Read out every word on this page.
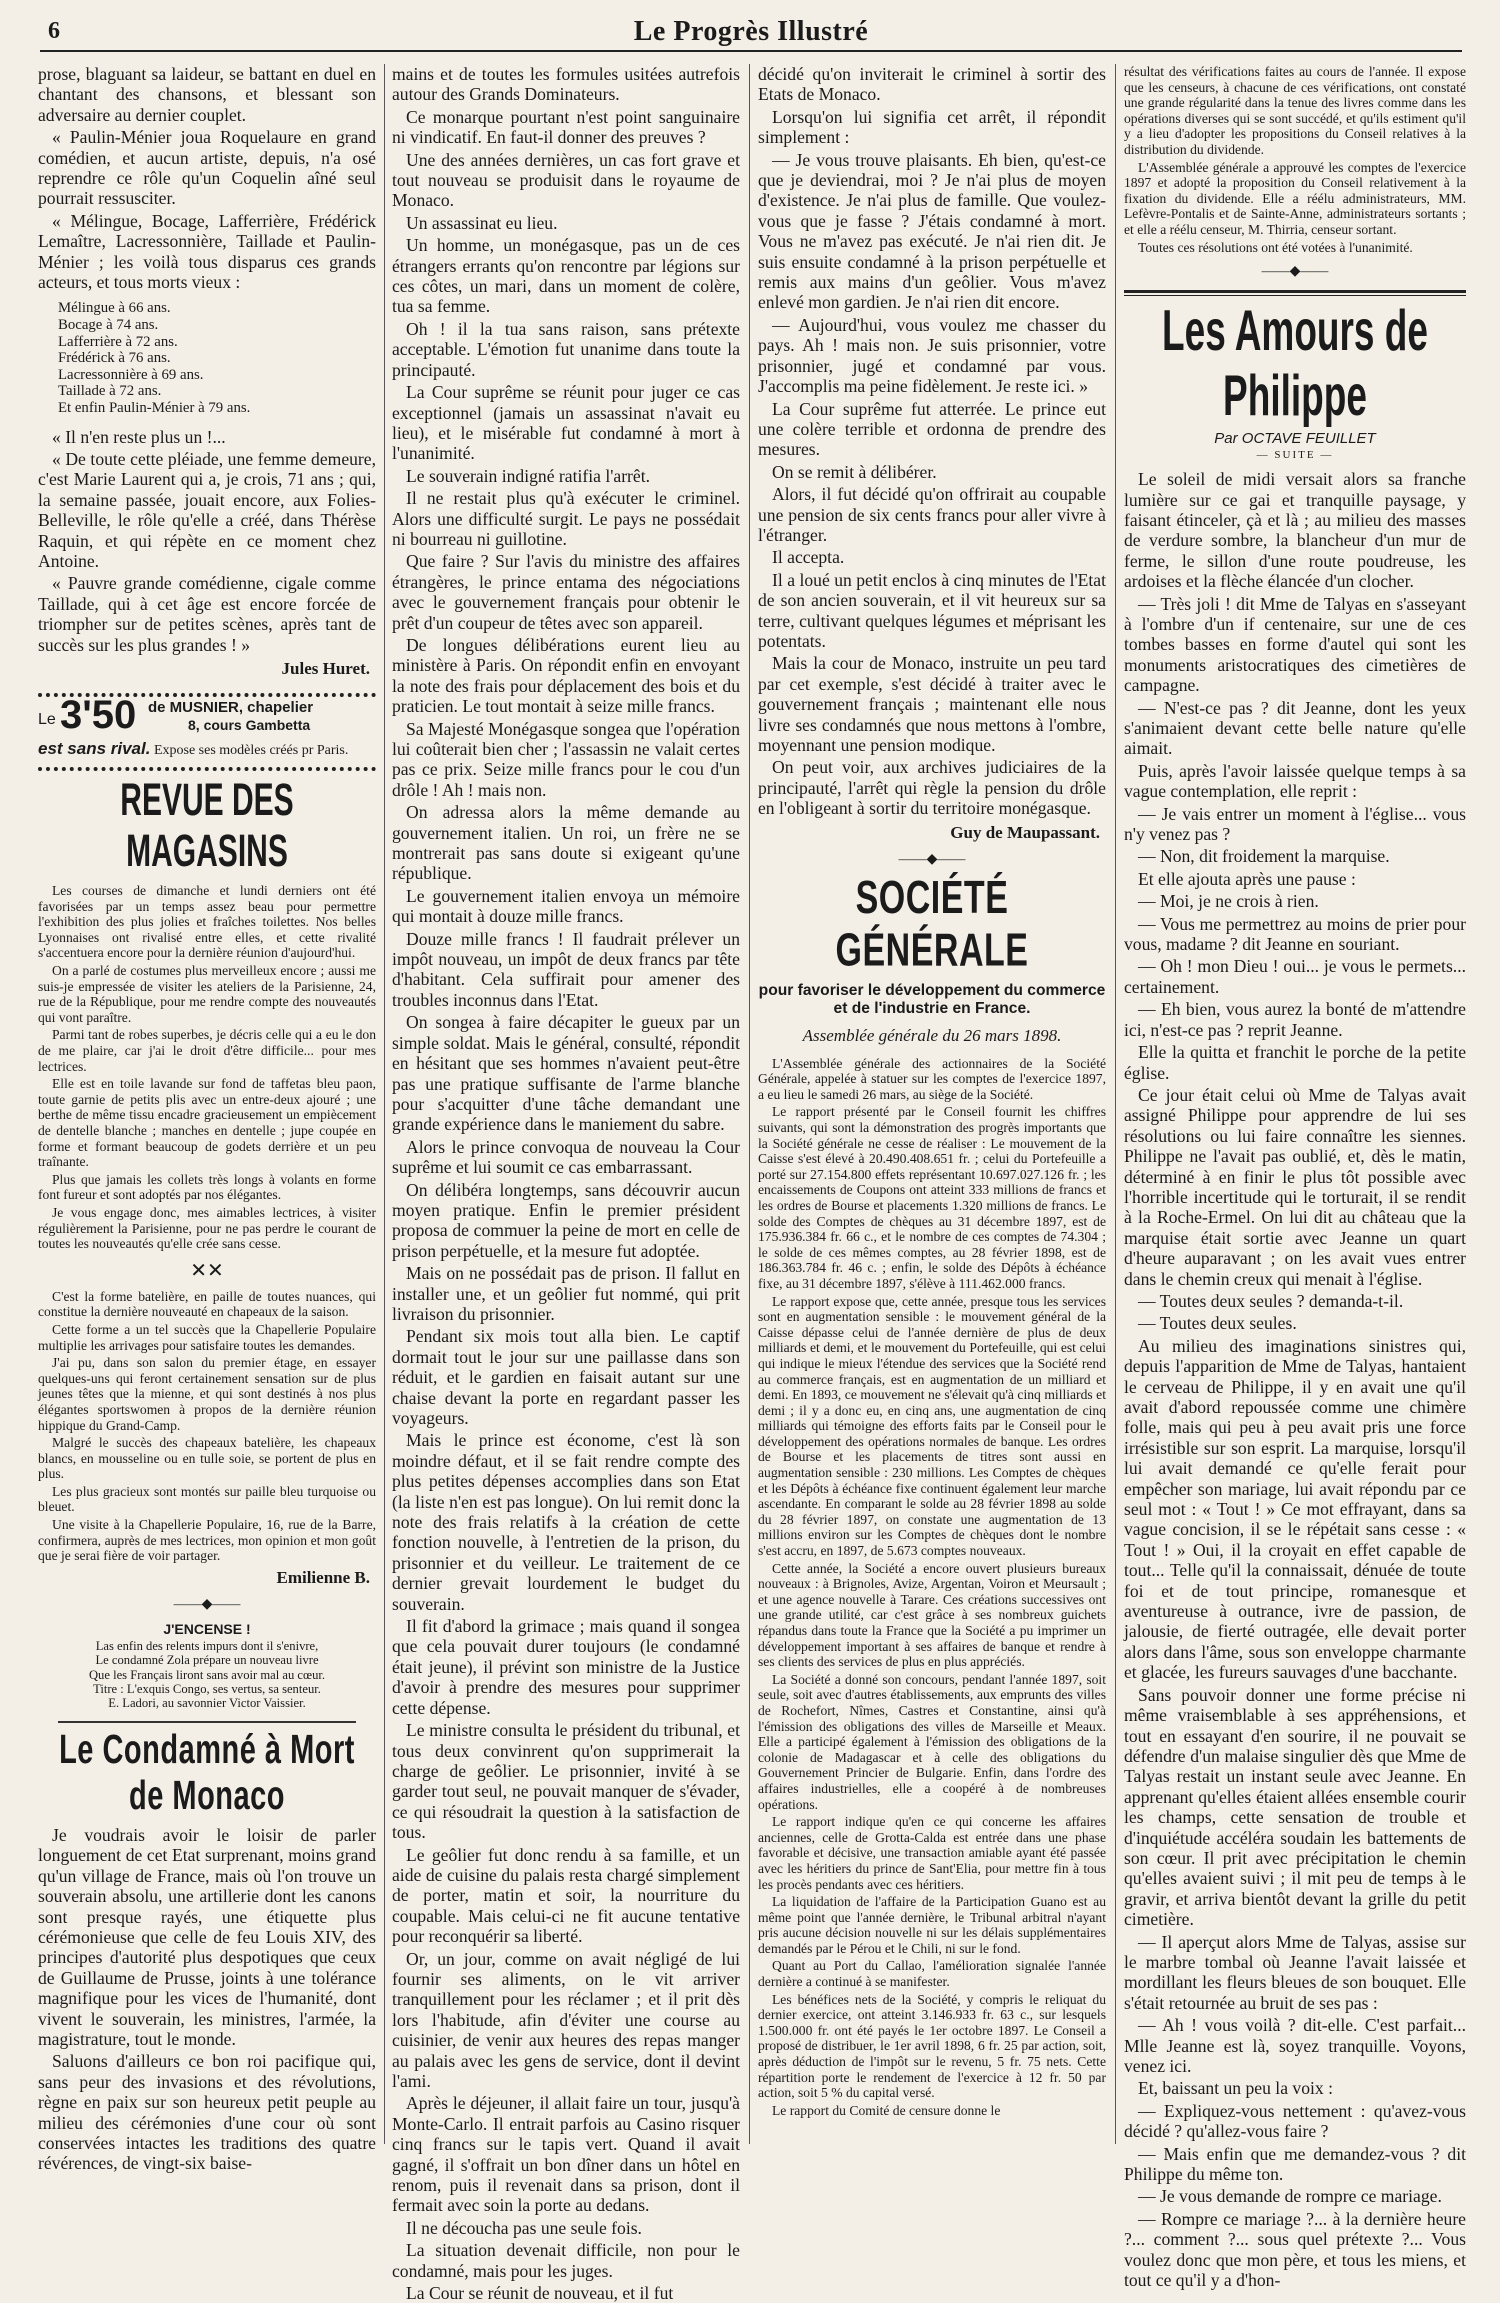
6	Le Progrès Illustré

prose, blaguant sa laideur, se battant en duel en chantant des chansons, et blessant son adversaire au dernier couplet.

« Paulin-Ménier joua Roquelaure en grand comédien, et aucun artiste, depuis, n'a osé reprendre ce rôle qu'un Coquelin aîné seul pourrait ressusciter.

« Mélingue, Bocage, Lafferrière, Frédérick Lemaître, Lacressonnière, Taillade et Paulin-Ménier ; les voilà tous disparus ces grands acteurs, et tous morts vieux :

Mélingue à 66 ans.
Bocage à 74 ans.
Lafferrière à 72 ans.
Frédérick à 76 ans.
Lacressonnière à 69 ans.
Taillade à 72 ans.
Et enfin Paulin-Ménier à 79 ans.

« Il n'en reste plus un !...

« De toute cette pléiade, une femme demeure, c'est Marie Laurent qui a, je crois, 71 ans ; qui, la semaine passée, jouait encore, aux Folies-Belleville, le rôle qu'elle a créé, dans Thérèse Raquin, et qui répète en ce moment chez Antoine.

« Pauvre grande comédienne, cigale comme Taillade, qui à cet âge est encore forcée de triompher sur de petites scènes, après tant de succès sur les plus grandes ! »

Jules Huret.
Le 3'50 de MUSNIER, chapelier
8, cours Gambetta
est sans rival. Expose ses modèles créés pr Paris.
REVUE DES MAGASINS

Les courses de dimanche et lundi derniers ont été favorisées par un temps assez beau pour permettre l'exhibition des plus jolies et fraîches toilettes. Nos belles Lyonnaises ont rivalisé entre elles, et cette rivalité s'accentuera encore pour la dernière réunion d'aujourd'hui.

On a parlé de costumes plus merveilleux encore ; aussi me suis-je empressée de visiter les ateliers de la Parisienne, 24, rue de la République, pour me rendre compte des nouveautés qui vont paraître.

Parmi tant de robes superbes, je décris celle qui a eu le don de me plaire, car j'ai le droit d'être difficile... pour mes lectrices.

Elle est en toile lavande sur fond de taffetas bleu paon, toute garnie de petits plis avec un entre-deux ajouré ; une berthe de même tissu encadre gracieusement un empiècement de dentelle blanche ; manches en dentelle ; jupe coupée en forme et formant beaucoup de godets derrière et un peu traînante.

Plus que jamais les collets très longs à volants en forme font fureur et sont adoptés par nos élégantes.

Je vous engage donc, mes aimables lectrices, à visiter régulièrement la Parisienne, pour ne pas perdre le courant de toutes les nouveautés qu'elle crée sans cesse.

✕✕

C'est la forme batelière, en paille de toutes nuances, qui constitue la dernière nouveauté en chapeaux de la saison.

Cette forme a un tel succès que la Chapellerie Populaire multiplie les arrivages pour satisfaire toutes les demandes.

J'ai pu, dans son salon du premier étage, en essayer quelques-uns qui feront certainement sensation sur de plus jeunes têtes que la mienne, et qui sont destinés à nos plus élégantes sportswomen à propos de la dernière réunion hippique du Grand-Camp.

Malgré le succès des chapeaux batelière, les chapeaux blancs, en mousseline ou en tulle soie, se portent de plus en plus.

Les plus gracieux sont montés sur paille bleu turquoise ou bleuet.

Une visite à la Chapellerie Populaire, 16, rue de la Barre, confirmera, auprès de mes lectrices, mon opinion et mon goût que je serai fière de voir partager.

Emilienne B.
——◆——
J'ENCENSE !
Las enfin des relents impurs dont il s'enivre,
Le condamné Zola prépare un nouveau livre
Que les Français liront sans avoir mal au cœur.
Titre : L'exquis Congo, ses vertus, sa senteur.
E. Ladori, au savonnier Victor Vaissier.
Le Condamné à Mort de Monaco

Je voudrais avoir le loisir de parler longuement de cet Etat surprenant, moins grand qu'un village de France, mais où l'on trouve un souverain absolu, une artillerie dont les canons sont presque rayés, une étiquette plus cérémonieuse que celle de feu Louis XIV, des principes d'autorité plus despotiques que ceux de Guillaume de Prusse, joints à une tolérance magnifique pour les vices de l'humanité, dont vivent le souverain, les ministres, l'armée, la magistrature, tout le monde.

Saluons d'ailleurs ce bon roi pacifique qui, sans peur des invasions et des révolutions, règne en paix sur son heureux petit peuple au milieu des cérémonies d'une cour où sont conservées intactes les traditions des quatre révérences, de vingt-six baise-

mains et de toutes les formules usitées autrefois autour des Grands Dominateurs.

Ce monarque pourtant n'est point sanguinaire ni vindicatif. En faut-il donner des preuves ?

Une des années dernières, un cas fort grave et tout nouveau se produisit dans le royaume de Monaco.

Un assassinat eu lieu.

Un homme, un monégasque, pas un de ces étrangers errants qu'on rencontre par légions sur ces côtes, un mari, dans un moment de colère, tua sa femme.

Oh ! il la tua sans raison, sans prétexte acceptable. L'émotion fut unanime dans toute la principauté.

La Cour suprême se réunit pour juger ce cas exceptionnel (jamais un assassinat n'avait eu lieu), et le misérable fut condamné à mort à l'unanimité.

Le souverain indigné ratifia l'arrêt.

Il ne restait plus qu'à exécuter le criminel. Alors une difficulté surgit. Le pays ne possédait ni bourreau ni guillotine.

Que faire ? Sur l'avis du ministre des affaires étrangères, le prince entama des négociations avec le gouvernement français pour obtenir le prêt d'un coupeur de têtes avec son appareil.

De longues délibérations eurent lieu au ministère à Paris. On répondit enfin en envoyant la note des frais pour déplacement des bois et du praticien. Le tout montait à seize mille francs.

Sa Majesté Monégasque songea que l'opération lui coûterait bien cher ; l'assassin ne valait certes pas ce prix. Seize mille francs pour le cou d'un drôle ! Ah ! mais non.

On adressa alors la même demande au gouvernement italien. Un roi, un frère ne se montrerait pas sans doute si exigeant qu'une république.

Le gouvernement italien envoya un mémoire qui montait à douze mille francs.

Douze mille francs ! Il faudrait prélever un impôt nouveau, un impôt de deux francs par tête d'habitant. Cela suffirait pour amener des troubles inconnus dans l'Etat.

On songea à faire décapiter le gueux par un simple soldat. Mais le général, consulté, répondit en hésitant que ses hommes n'avaient peut-être pas une pratique suffisante de l'arme blanche pour s'acquitter d'une tâche demandant une grande expérience dans le maniement du sabre.

Alors le prince convoqua de nouveau la Cour suprême et lui soumit ce cas embarrassant.

On délibéra longtemps, sans découvrir aucun moyen pratique. Enfin le premier président proposa de commuer la peine de mort en celle de prison perpétuelle, et la mesure fut adoptée.

Mais on ne possédait pas de prison. Il fallut en installer une, et un geôlier fut nommé, qui prit livraison du prisonnier.

Pendant six mois tout alla bien. Le captif dormait tout le jour sur une paillasse dans son réduit, et le gardien en faisait autant sur une chaise devant la porte en regardant passer les voyageurs.

Mais le prince est économe, c'est là son moindre défaut, et il se fait rendre compte des plus petites dépenses accomplies dans son Etat (la liste n'en est pas longue). On lui remit donc la note des frais relatifs à la création de cette fonction nouvelle, à l'entretien de la prison, du prisonnier et du veilleur. Le traitement de ce dernier grevait lourdement le budget du souverain.

Il fit d'abord la grimace ; mais quand il songea que cela pouvait durer toujours (le condamné était jeune), il prévint son ministre de la Justice d'avoir à prendre des mesures pour supprimer cette dépense.

Le ministre consulta le président du tribunal, et tous deux convinrent qu'on supprimerait la charge de geôlier. Le prisonnier, invité à se garder tout seul, ne pouvait manquer de s'évader, ce qui résoudrait la question à la satisfaction de tous.

Le geôlier fut donc rendu à sa famille, et un aide de cuisine du palais resta chargé simplement de porter, matin et soir, la nourriture du coupable. Mais celui-ci ne fit aucune tentative pour reconquérir sa liberté.

Or, un jour, comme on avait négligé de lui fournir ses aliments, on le vit arriver tranquillement pour les réclamer ; et il prit dès lors l'habitude, afin d'éviter une course au cuisinier, de venir aux heures des repas manger au palais avec les gens de service, dont il devint l'ami.

Après le déjeuner, il allait faire un tour, jusqu'à Monte-Carlo. Il entrait parfois au Casino risquer cinq francs sur le tapis vert. Quand il avait gagné, il s'offrait un bon dîner dans un hôtel en renom, puis il revenait dans sa prison, dont il fermait avec soin la porte au dedans.

Il ne découcha pas une seule fois.

La situation devenait difficile, non pour le condamné, mais pour les juges.

La Cour se réunit de nouveau, et il fut

décidé qu'on inviterait le criminel à sortir des Etats de Monaco.

Lorsqu'on lui signifia cet arrêt, il répondit simplement :

— Je vous trouve plaisants. Eh bien, qu'est-ce que je deviendrai, moi ? Je n'ai plus de moyen d'existence. Je n'ai plus de famille. Que voulez-vous que je fasse ? J'étais condamné à mort. Vous ne m'avez pas exécuté. Je n'ai rien dit. Je suis ensuite condamné à la prison perpétuelle et remis aux mains d'un geôlier. Vous m'avez enlevé mon gardien. Je n'ai rien dit encore.

— Aujourd'hui, vous voulez me chasser du pays. Ah ! mais non. Je suis prisonnier, votre prisonnier, jugé et condamné par vous. J'accomplis ma peine fidèlement. Je reste ici. »

La Cour suprême fut atterrée. Le prince eut une colère terrible et ordonna de prendre des mesures.

On se remit à délibérer.

Alors, il fut décidé qu'on offrirait au coupable une pension de six cents francs pour aller vivre à l'étranger.

Il accepta.

Il a loué un petit enclos à cinq minutes de l'Etat de son ancien souverain, et il vit heureux sur sa terre, cultivant quelques légumes et méprisant les potentats.

Mais la cour de Monaco, instruite un peu tard par cet exemple, s'est décidé à traiter avec le gouvernement français ; maintenant elle nous livre ses condamnés que nous mettons à l'ombre, moyennant une pension modique.

On peut voir, aux archives judiciaires de la principauté, l'arrêt qui règle la pension du drôle en l'obligeant à sortir du territoire monégasque.

Guy de Maupassant.
——◆——
SOCIÉTÉ GÉNÉRALE
pour favoriser le développement du commerce et de l'industrie en France.
Assemblée générale du 26 mars 1898.

L'Assemblée générale des actionnaires de la Société Générale, appelée à statuer sur les comptes de l'exercice 1897, a eu lieu le samedi 26 mars, au siège de la Société.

Le rapport présenté par le Conseil fournit les chiffres suivants, qui sont la démonstration des progrès importants que la Société générale ne cesse de réaliser : Le mouvement de la Caisse s'est élevé à 20.490.408.651 fr. ; celui du Portefeuille a porté sur 27.154.800 effets représentant 10.697.027.126 fr. ; les encaissements de Coupons ont atteint 333 millions de francs et les ordres de Bourse et placements 1.320 millions de francs. Le solde des Comptes de chèques au 31 décembre 1897, est de 175.936.384 fr. 66 c., et le nombre de ces comptes de 74.304 ; le solde de ces mêmes comptes, au 28 février 1898, est de 186.363.784 fr. 46 c. ; enfin, le solde des Dépôts à échéance fixe, au 31 décembre 1897, s'élève à 111.462.000 francs.

Le rapport expose que, cette année, presque tous les services sont en augmentation sensible : le mouvement général de la Caisse dépasse celui de l'année dernière de plus de deux milliards et demi, et le mouvement du Portefeuille, qui est celui qui indique le mieux l'étendue des services que la Société rend au commerce français, est en augmentation de un milliard et demi. En 1893, ce mouvement ne s'élevait qu'à cinq milliards et demi ; il y a donc eu, en cinq ans, une augmentation de cinq milliards qui témoigne des efforts faits par le Conseil pour le développement des opérations normales de banque. Les ordres de Bourse et les placements de titres sont aussi en augmentation sensible : 230 millions. Les Comptes de chèques et les Dépôts à échéance fixe continuent également leur marche ascendante. En comparant le solde au 28 février 1898 au solde du 28 février 1897, on constate une augmentation de 13 millions environ sur les Comptes de chèques dont le nombre s'est accru, en 1897, de 5.673 comptes nouveaux.

Cette année, la Société a encore ouvert plusieurs bureaux nouveaux : à Brignoles, Avize, Argentan, Voiron et Meursault ; et une agence nouvelle à Tarare. Ces créations successives ont une grande utilité, car c'est grâce à ses nombreux guichets répandus dans toute la France que la Société a pu imprimer un développement important à ses affaires de banque et rendre à ses clients des services de plus en plus appréciés.

La Société a donné son concours, pendant l'année 1897, soit seule, soit avec d'autres établissements, aux emprunts des villes de Rochefort, Nîmes, Castres et Constantine, ainsi qu'à l'émission des obligations des villes de Marseille et Meaux. Elle a participé également à l'émission des obligations de la colonie de Madagascar et à celle des obligations du Gouvernement Princier de Bulgarie. Enfin, dans l'ordre des affaires industrielles, elle a coopéré à de nombreuses opérations.

Le rapport indique qu'en ce qui concerne les affaires anciennes, celle de Grotta-Calda est entrée dans une phase favorable et décisive, une transaction amiable ayant été passée avec les héritiers du prince de Sant'Elia, pour mettre fin à tous les procès pendants avec ces héritiers.

La liquidation de l'affaire de la Participation Guano est au même point que l'année dernière, le Tribunal arbitral n'ayant pris aucune décision nouvelle ni sur les délais supplémentaires demandés par le Pérou et le Chili, ni sur le fond.

Quant au Port du Callao, l'amélioration signalée l'année dernière a continué à se manifester.

Les bénéfices nets de la Société, y compris le reliquat du dernier exercice, ont atteint 3.146.933 fr. 63 c., sur lesquels 1.500.000 fr. ont été payés le 1er octobre 1897. Le Conseil a proposé de distribuer, le 1er avril 1898, 6 fr. 25 par action, soit, après déduction de l'impôt sur le revenu, 5 fr. 75 nets. Cette répartition porte le rendement de l'exercice à 12 fr. 50 par action, soit 5 % du capital versé.

Le rapport du Comité de censure donne le

résultat des vérifications faites au cours de l'année. Il expose que les censeurs, à chacune de ces vérifications, ont constaté une grande régularité dans la tenue des livres comme dans les opérations diverses qui se sont succédé, et qu'ils estiment qu'il y a lieu d'adopter les propositions du Conseil relatives à la distribution du dividende.

L'Assemblée générale a approuvé les comptes de l'exercice 1897 et adopté la proposition du Conseil relativement à la fixation du dividende. Elle a réélu administrateurs, MM. Lefèvre-Pontalis et de Sainte-Anne, administrateurs sortants ; et elle a réélu censeur, M. Thirria, censeur sortant.

Toutes ces résolutions ont été votées à l'unanimité.

——◆——
Les Amours de Philippe
Par OCTAVE FEUILLET
— SUITE —

Le soleil de midi versait alors sa franche lumière sur ce gai et tranquille paysage, y faisant étinceler, çà et là ; au milieu des masses de verdure sombre, la blancheur d'un mur de ferme, le sillon d'une route poudreuse, les ardoises et la flèche élancée d'un clocher.

— Très joli ! dit Mme de Talyas en s'asseyant à l'ombre d'un if centenaire, sur une de ces tombes basses en forme d'autel qui sont les monuments aristocratiques des cimetières de campagne.

— N'est-ce pas ? dit Jeanne, dont les yeux s'animaient devant cette belle nature qu'elle aimait.

Puis, après l'avoir laissée quelque temps à sa vague contemplation, elle reprit :

— Je vais entrer un moment à l'église... vous n'y venez pas ?

— Non, dit froidement la marquise.

Et elle ajouta après une pause :

— Moi, je ne crois à rien.

— Vous me permettrez au moins de prier pour vous, madame ? dit Jeanne en souriant.

— Oh ! mon Dieu ! oui... je vous le permets... certainement.

— Eh bien, vous aurez la bonté de m'attendre ici, n'est-ce pas ? reprit Jeanne.

Elle la quitta et franchit le porche de la petite église.

Ce jour était celui où Mme de Talyas avait assigné Philippe pour apprendre de lui ses résolutions ou lui faire connaître les siennes. Philippe ne l'avait pas oublié, et, dès le matin, déterminé à en finir le plus tôt possible avec l'horrible incertitude qui le torturait, il se rendit à la Roche-Ermel. On lui dit au château que la marquise était sortie avec Jeanne un quart d'heure auparavant ; on les avait vues entrer dans le chemin creux qui menait à l'église.

— Toutes deux seules ? demanda-t-il.

— Toutes deux seules.

Au milieu des imaginations sinistres qui, depuis l'apparition de Mme de Talyas, hantaient le cerveau de Philippe, il y en avait une qu'il avait d'abord repoussée comme une chimère folle, mais qui peu à peu avait pris une force irrésistible sur son esprit. La marquise, lorsqu'il lui avait demandé ce qu'elle ferait pour empêcher son mariage, lui avait répondu par ce seul mot : « Tout ! » Ce mot effrayant, dans sa vague concision, il se le répétait sans cesse : « Tout ! » Oui, il la croyait en effet capable de tout... Telle qu'il la connaissait, dénuée de toute foi et de tout principe, romanesque et aventureuse à outrance, ivre de passion, de jalousie, de fierté outragée, elle devait porter alors dans l'âme, sous son enveloppe charmante et glacée, les fureurs sauvages d'une bacchante.

Sans pouvoir donner une forme précise ni même vraisemblable à ses appréhensions, et tout en essayant d'en sourire, il ne pouvait se défendre d'un malaise singulier dès que Mme de Talyas restait un instant seule avec Jeanne. En apprenant qu'elles étaient allées ensemble courir les champs, cette sensation de trouble et d'inquiétude accéléra soudain les battements de son cœur. Il prit avec précipitation le chemin qu'elles avaient suivi ; il mit peu de temps à le gravir, et arriva bientôt devant la grille du petit cimetière.

— Il aperçut alors Mme de Talyas, assise sur le marbre tombal où Jeanne l'avait laissée et mordillant les fleurs bleues de son bouquet. Elle s'était retournée au bruit de ses pas :

— Ah ! vous voilà ? dit-elle. C'est parfait... Mlle Jeanne est là, soyez tranquille. Voyons, venez ici.

Et, baissant un peu la voix :

— Expliquez-vous nettement : qu'avez-vous décidé ? qu'allez-vous faire ?

— Mais enfin que me demandez-vous ? dit Philippe du même ton.

— Je vous demande de rompre ce mariage.

— Rompre ce mariage ?... à la dernière heure ?... comment ?... sous quel prétexte ?... Vous voulez donc que mon père, et tous les miens, et tout ce qu'il y a d'hon-
